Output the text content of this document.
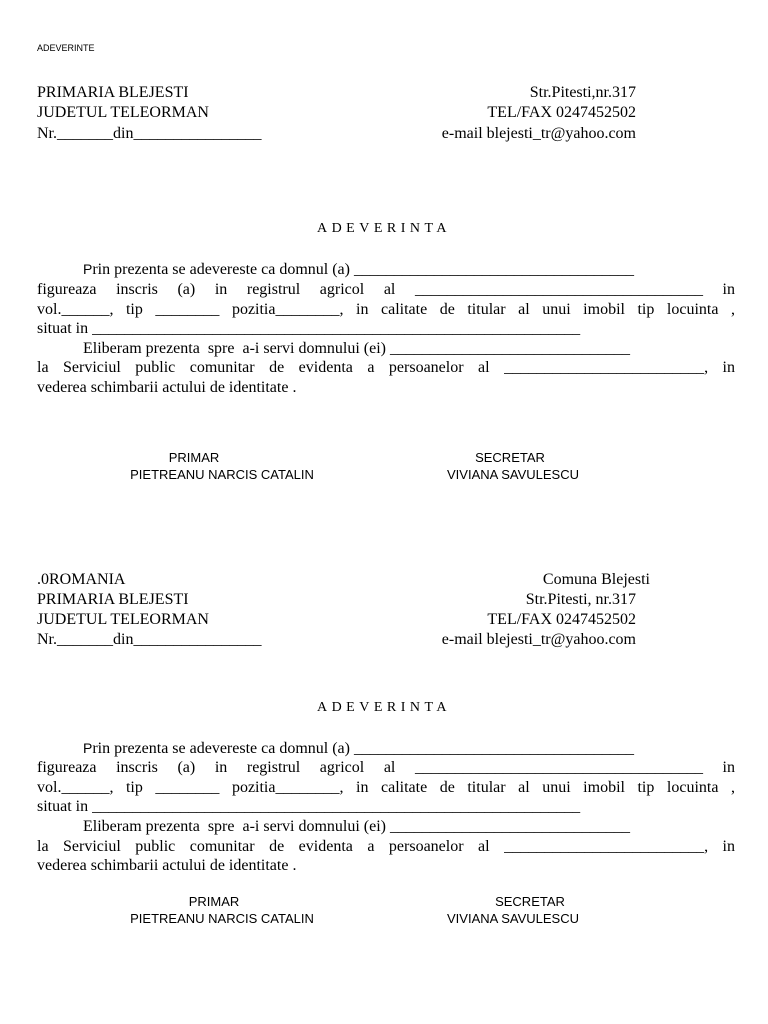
ADEVERINTE
PRIMARIA BLEJESTI
JUDETUL TELEORMAN
Nr._______din________________
Str.Pitesti,nr.317
TEL/FAX 0247452502
e-mail blejesti_tr@yahoo.com
ADEVERINTA
Prin prezenta se adevereste ca domnul (a) ___________________________________
figureaza inscris (a) in registrul agricol al ____________________________________ in
vol.______, tip ________ pozitia________, in calitate de titular al unui imobil tip locuinta ,
situat in _____________________________________________________________
Eliberam prezenta  spre  a-i servi domnului (ei) ______________________________
la Serviciul public comunitar de evidenta a persoanelor al _________________________, in
vederea schimbarii actului de identitate .
PRIMAR
PIETREANU NARCIS CATALIN
SECRETAR
VIVIANA SAVULESCU
.0ROMANIA
PRIMARIA BLEJESTI
JUDETUL TELEORMAN
Nr._______din________________
Comuna Blejesti
Str.Pitesti, nr.317
TEL/FAX 0247452502
e-mail blejesti_tr@yahoo.com
ADEVERINTA
Prin prezenta se adevereste ca domnul (a) ___________________________________
figureaza inscris (a) in registrul agricol al ____________________________________ in
vol.______, tip ________ pozitia________, in calitate de titular al unui imobil tip locuinta ,
situat in _____________________________________________________________
Eliberam prezenta  spre  a-i servi domnului (ei) ______________________________
la Serviciul public comunitar de evidenta a persoanelor al _________________________, in
vederea schimbarii actului de identitate .
PRIMAR
PIETREANU NARCIS CATALIN
SECRETAR
VIVIANA SAVULESCU
